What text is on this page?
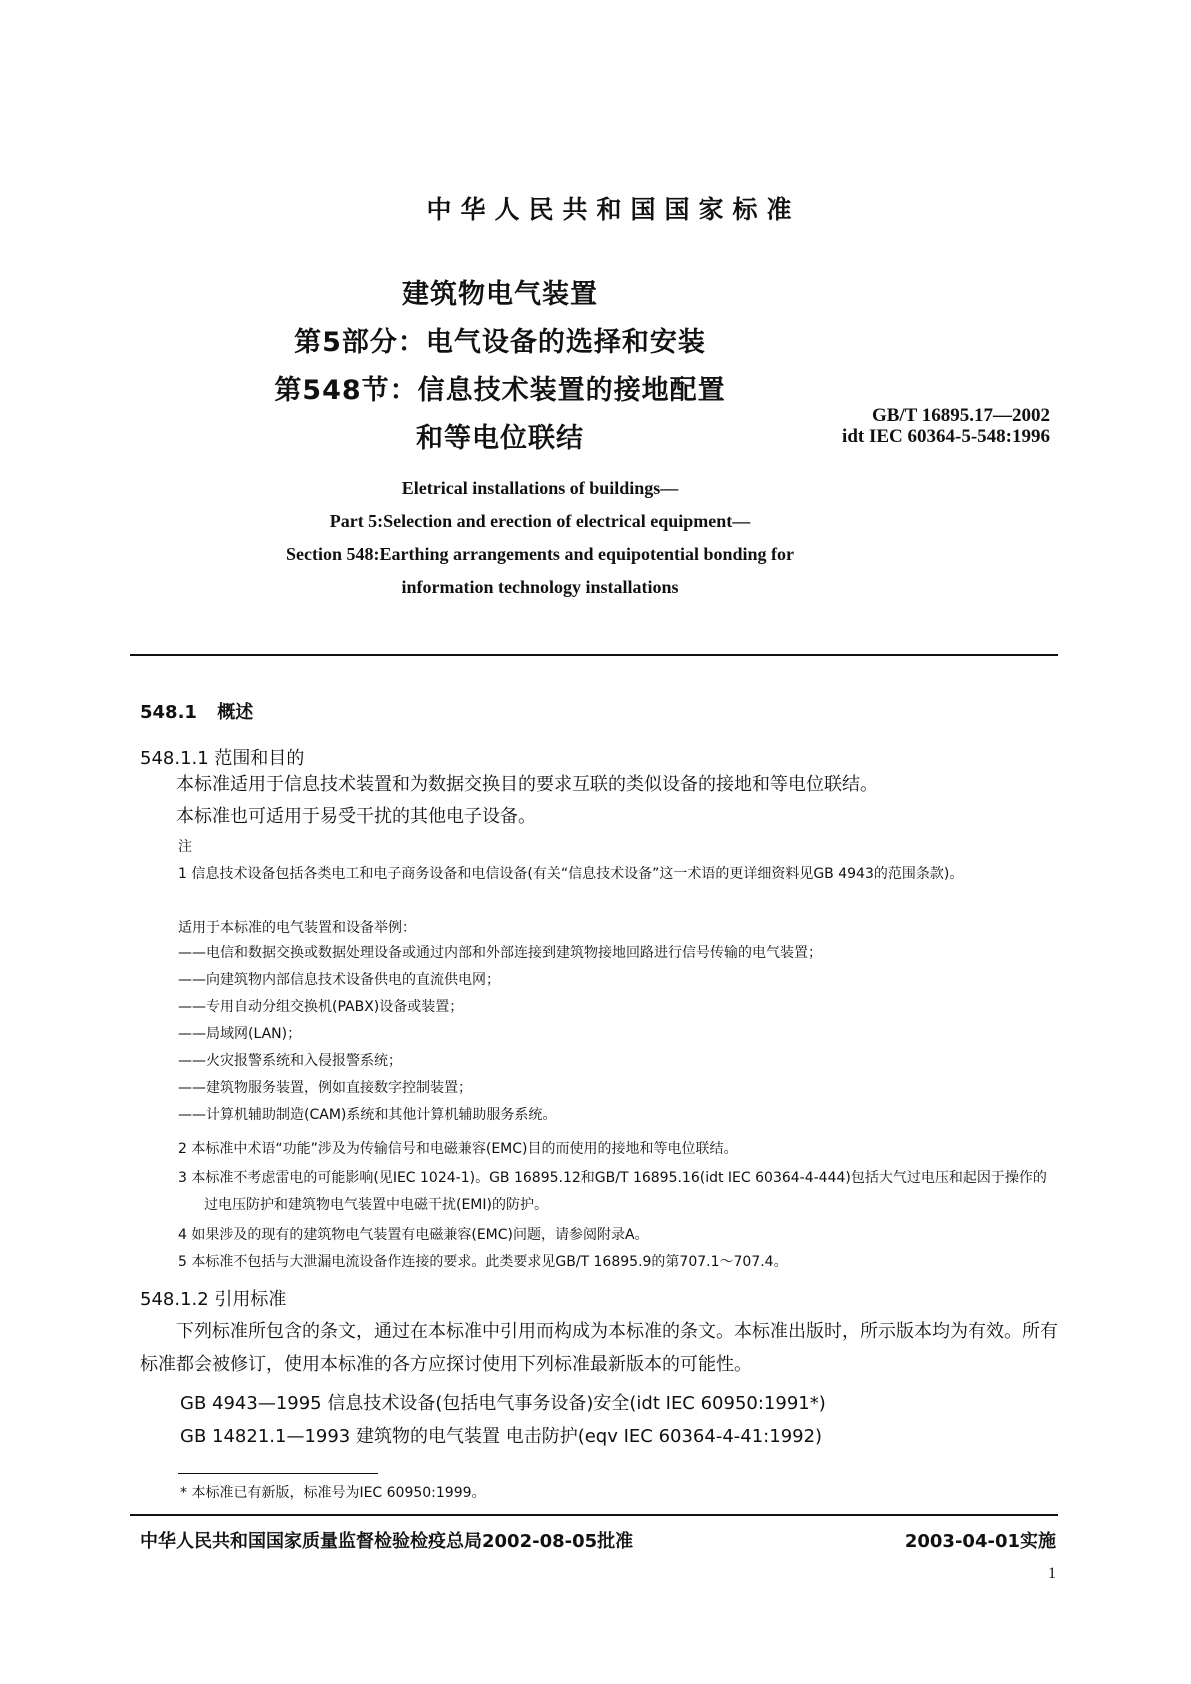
中华人民共和国国家标准
建筑物电气装置
第5部分：电气设备的选择和安装
第548节：信息技术装置的接地配置
和等电位联结
GB/T 16895.17—2002
idt IEC 60364-5-548:1996
Eletrical installations of buildings—
Part 5:Selection and erection of electrical equipment—
Section 548:Earthing arrangements and equipotential bonding for
information technology installations
548.1 概述
548.1.1 范围和目的
本标准适用于信息技术装置和为数据交换目的要求互联的类似设备的接地和等电位联结。
本标准也可适用于易受干扰的其他电子设备。
注
1 信息技术设备包括各类电工和电子商务设备和电信设备(有关“信息技术设备”这一术语的更详细资料见GB 4943的范围条款)。
适用于本标准的电气装置和设备举例：
——电信和数据交换或数据处理设备或通过内部和外部连接到建筑物接地回路进行信号传输的电气装置；
——向建筑物内部信息技术设备供电的直流供电网；
——专用自动分组交换机(PABX)设备或装置；
——局域网(LAN)；
——火灾报警系统和入侵报警系统；
——建筑物服务装置，例如直接数字控制装置；
——计算机辅助制造(CAM)系统和其他计算机辅助服务系统。
2 本标准中术语“功能”涉及为传输信号和电磁兼容(EMC)目的而使用的接地和等电位联结。
3 本标准不考虑雷电的可能影响(见IEC 1024-1)。GB 16895.12和GB/T 16895.16(idt IEC 60364-4-444)包括大气过电压和起因于操作的过电压防护和建筑物电气装置中电磁干扰(EMI)的防护。
4 如果涉及的现有的建筑物电气装置有电磁兼容(EMC)问题，请参阅附录A。
5 本标准不包括与大泄漏电流设备作连接的要求。此类要求见GB/T 16895.9的第707.1～707.4。
548.1.2 引用标准
下列标准所包含的条文，通过在本标准中引用而构成为本标准的条文。本标准出版时，所示版本均为有效。所有标准都会被修订，使用本标准的各方应探讨使用下列标准最新版本的可能性。
GB 4943—1995 信息技术设备(包括电气事务设备)安全(idt IEC 60950:1991*)
GB 14821.1—1993 建筑物的电气装置 电击防护(eqv IEC 60364-4-41:1992)
* 本标准已有新版，标准号为IEC 60950:1999。
中华人民共和国国家质量监督检验检疫总局2002-08-05批准	2003-04-01实施
1
